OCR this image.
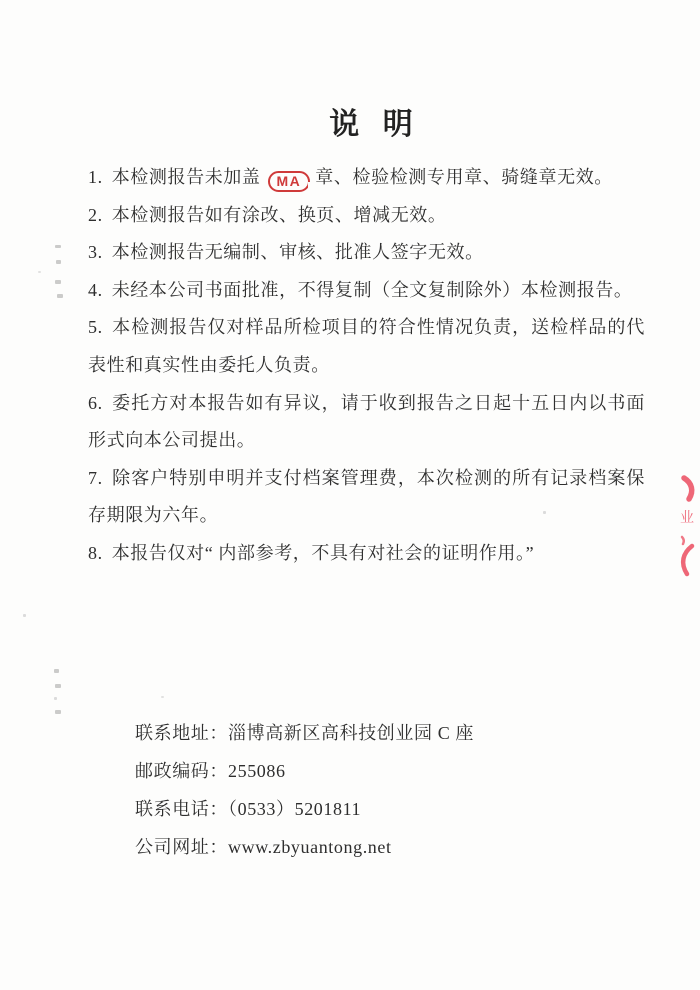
说 明

1. 本检测报告未加盖 MA 章、检验检测专用章、骑缝章无效。

2. 本检测报告如有涂改、换页、增减无效。

3. 本检测报告无编制、审核、批准人签字无效。

4. 未经本公司书面批准，不得复制（全文复制除外）本检测报告。

5. 本检测报告仅对样品所检项目的符合性情况负责，送检样品的代表性和真实性由委托人负责。

6. 委托方对本报告如有异议，请于收到报告之日起十五日内以书面形式向本公司提出。

7. 除客户特别申明并支付档案管理费，本次检测的所有记录档案保存期限为六年。

8. 本报告仅对“ 内部参考，不具有对社会的证明作用。”

联系地址：淄博高新区高科技创业园 C 座

邮政编码：255086

联系电话：（0533）5201811

公司网址：www.zbyuantong.net

业
